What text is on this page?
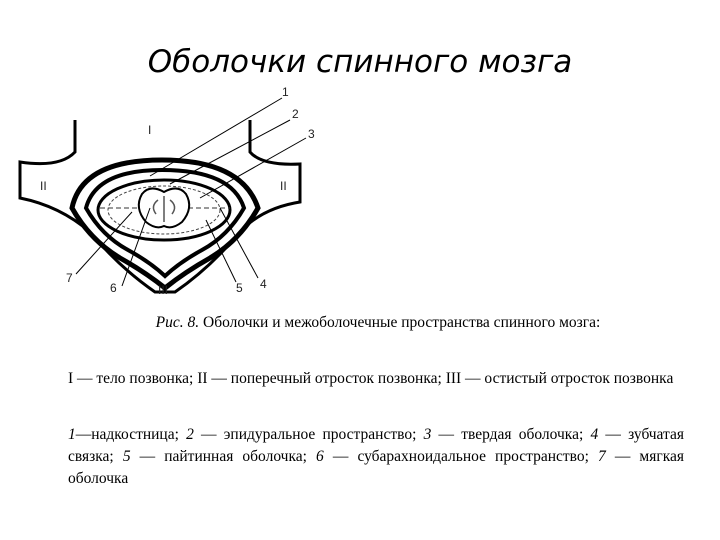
Оболочки спинного мозга
1
2
3
4
5
6
7
I
II	II
III
Рис. 8. Оболочки и межоболочечные пространства спинного мозга:
I — тело позвонка; II — поперечный отросток позвонка; III — остистый отросток позвонка
1—надкостница; 2 — эпидуральное пространство; 3 — твердая оболочка; 4 — зубчатая связка; 5 — пайтинная оболочка; 6 — субарахноидальное пространство; 7 — мягкая оболочка
